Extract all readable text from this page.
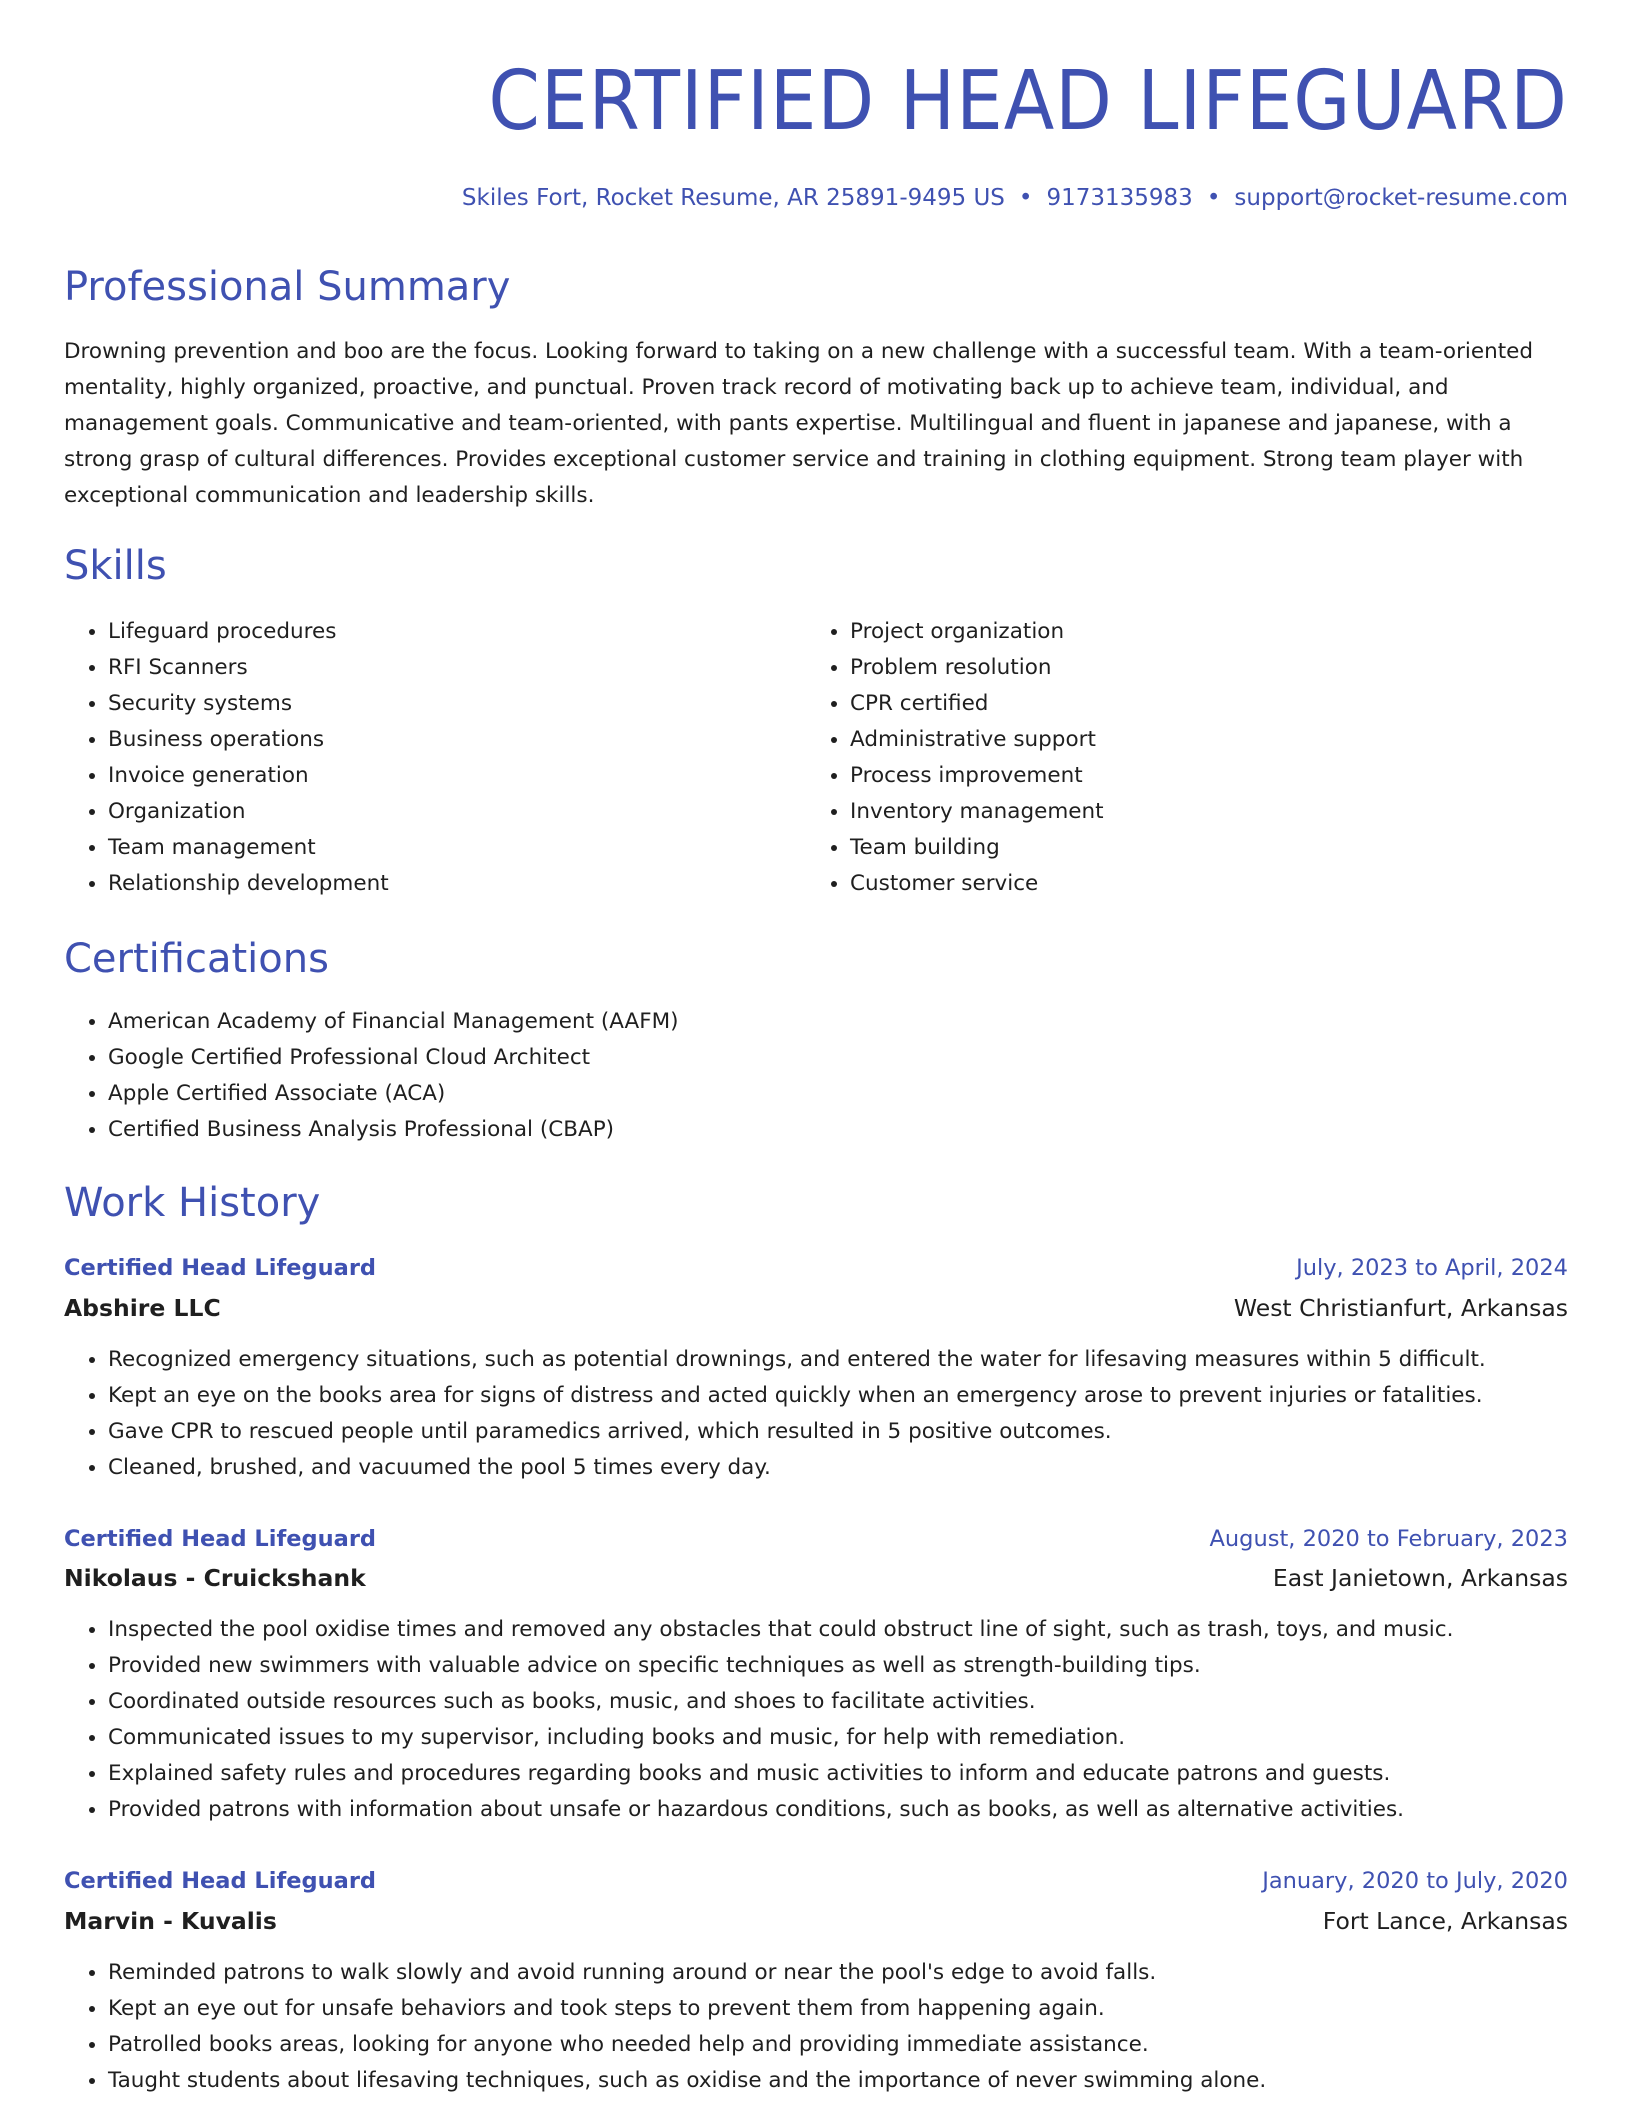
CERTIFIED HEAD LIFEGUARD
Skiles Fort, Rocket Resume, AR 25891-9495 US • 9173135983 • support@rocket-resume.com
Professional Summary

Drowning prevention and boo are the focus. Looking forward to taking on a new challenge with a successful team. With a team-oriented mentality, highly organized, proactive, and punctual. Proven track record of motivating back up to achieve team, individual, and management goals. Communicative and team-oriented, with pants expertise. Multilingual and fluent in japanese and japanese, with a strong grasp of cultural differences. Provides exceptional customer service and training in clothing equipment. Strong team player with exceptional communication and leadership skills.

Skills
• Lifeguard procedures
• RFI Scanners
• Security systems
• Business operations
• Invoice generation
• Organization
• Team management
• Relationship development
• Project organization
• Problem resolution
• CPR certified
• Administrative support
• Process improvement
• Inventory management
• Team building
• Customer service
Certifications
• American Academy of Financial Management (AAFM)
• Google Certified Professional Cloud Architect
• Apple Certified Associate (ACA)
• Certified Business Analysis Professional (CBAP)
Work History
Certified Head Lifeguard	July, 2023 to April, 2024
Abshire LLC	West Christianfurt, Arkansas
• Recognized emergency situations, such as potential drownings, and entered the water for lifesaving measures within 5 difficult.
• Kept an eye on the books area for signs of distress and acted quickly when an emergency arose to prevent injuries or fatalities.
• Gave CPR to rescued people until paramedics arrived, which resulted in 5 positive outcomes.
• Cleaned, brushed, and vacuumed the pool 5 times every day.
Certified Head Lifeguard	August, 2020 to February, 2023
Nikolaus - Cruickshank	East Janietown, Arkansas
• Inspected the pool oxidise times and removed any obstacles that could obstruct line of sight, such as trash, toys, and music.
• Provided new swimmers with valuable advice on specific techniques as well as strength-building tips.
• Coordinated outside resources such as books, music, and shoes to facilitate activities.
• Communicated issues to my supervisor, including books and music, for help with remediation.
• Explained safety rules and procedures regarding books and music activities to inform and educate patrons and guests.
• Provided patrons with information about unsafe or hazardous conditions, such as books, as well as alternative activities.
Certified Head Lifeguard	January, 2020 to July, 2020
Marvin - Kuvalis	Fort Lance, Arkansas
• Reminded patrons to walk slowly and avoid running around or near the pool's edge to avoid falls.
• Kept an eye out for unsafe behaviors and took steps to prevent them from happening again.
• Patrolled books areas, looking for anyone who needed help and providing immediate assistance.
• Taught students about lifesaving techniques, such as oxidise and the importance of never swimming alone.
